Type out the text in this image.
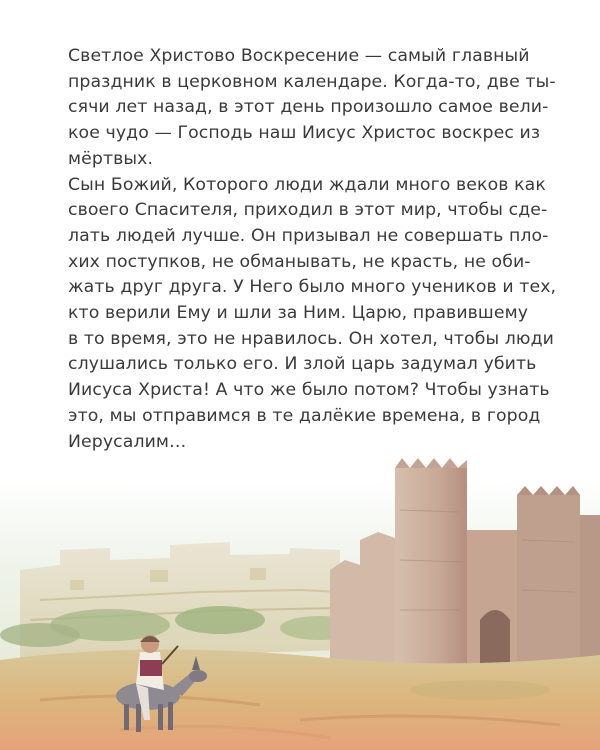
Светлое Христово Воскресение — самый главный
праздник в церковном календаре. Когда-то, две ты-
сячи лет назад, в этот день произошло самое вели-
кое чудо — Господь наш Иисус Христос воскрес из
мёртвых.
Сын Божий, Которого люди ждали много веков как
своего Спасителя, приходил в этот мир, чтобы сде-
лать людей лучше. Он призывал не совершать пло-
хих поступков, не обманывать, не красть, не оби-
жать друг друга. У Него было много учеников и тех,
кто верили Ему и шли за Ним. Царю, правившему
в то время, это не нравилось. Он хотел, чтобы люди
слушались только его. И злой царь задумал убить
Иисуса Христа! А что же было потом? Чтобы узнать
это, мы отправимся в те далёкие времена, в город
Иерусалим…
